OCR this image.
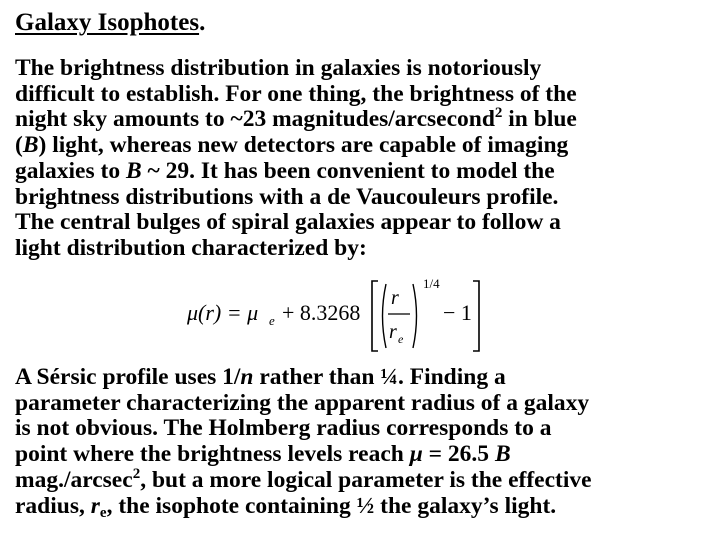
Galaxy Isophotes.
The brightness distribution in galaxies is notoriously
difficult to establish. For one thing, the brightness of the
night sky amounts to ~23 magnitudes/arcsecond$^2$ in blue
(B) light, whereas new detectors are capable of imaging
galaxies to B ~ 29. It has been convenient to model the
brightness distributions with a de Vaucouleurs profile.
The central bulges of spiral galaxies appear to follow a
light distribution characterized by:
μ(r) = μ e + 8.3268
r
r e
1/4
− 1
A Sérsic profile uses 1/n rather than ¼. Finding a
parameter characterizing the apparent radius of a galaxy
is not obvious. The Holmberg radius corresponds to a
point where the brightness levels reach μ = 26.5 B
mag./arcsec$^2$, but a more logical parameter is the effective
radius, $r_e$, the isophote containing ½ the galaxy’s light.
